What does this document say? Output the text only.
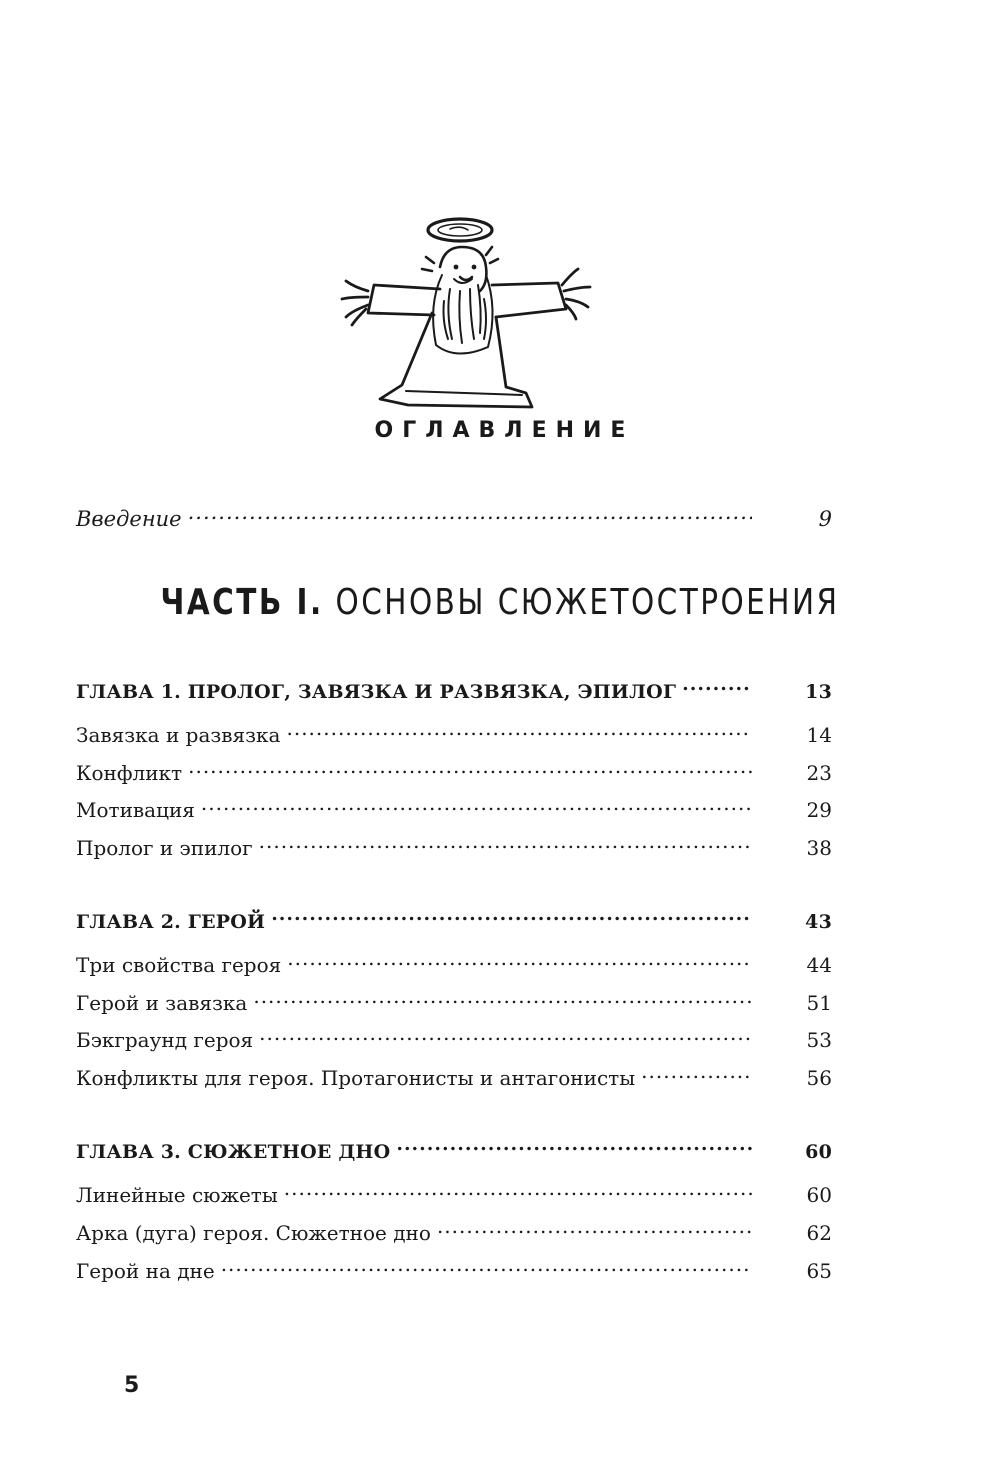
ОГЛАВЛЕНИЕ
Введение .....	9
ЧАСТЬ I. ОСНОВЫ СЮЖЕТОСТРОЕНИЯ
ГЛАВА 1. ПРОЛОГ, ЗАВЯЗКА И РАЗВЯЗКА, ЭПИЛОГ .....	13
Завязка и развязка .....	14
Конфликт .....	23
Мотивация .....	29
Пролог и эпилог .....	38
ГЛАВА 2. ГЕРОЙ .....	43
Три свойства героя .....	44
Герой и завязка .....	51
Бэкграунд героя .....	53
Конфликты для героя. Протагонисты и антагонисты .....	56
ГЛАВА 3. СЮЖЕТНОЕ ДНО .....	60
Линейные сюжеты .....	60
Арка (дуга) героя. Сюжетное дно .....	62
Герой на дне .....	65
5
